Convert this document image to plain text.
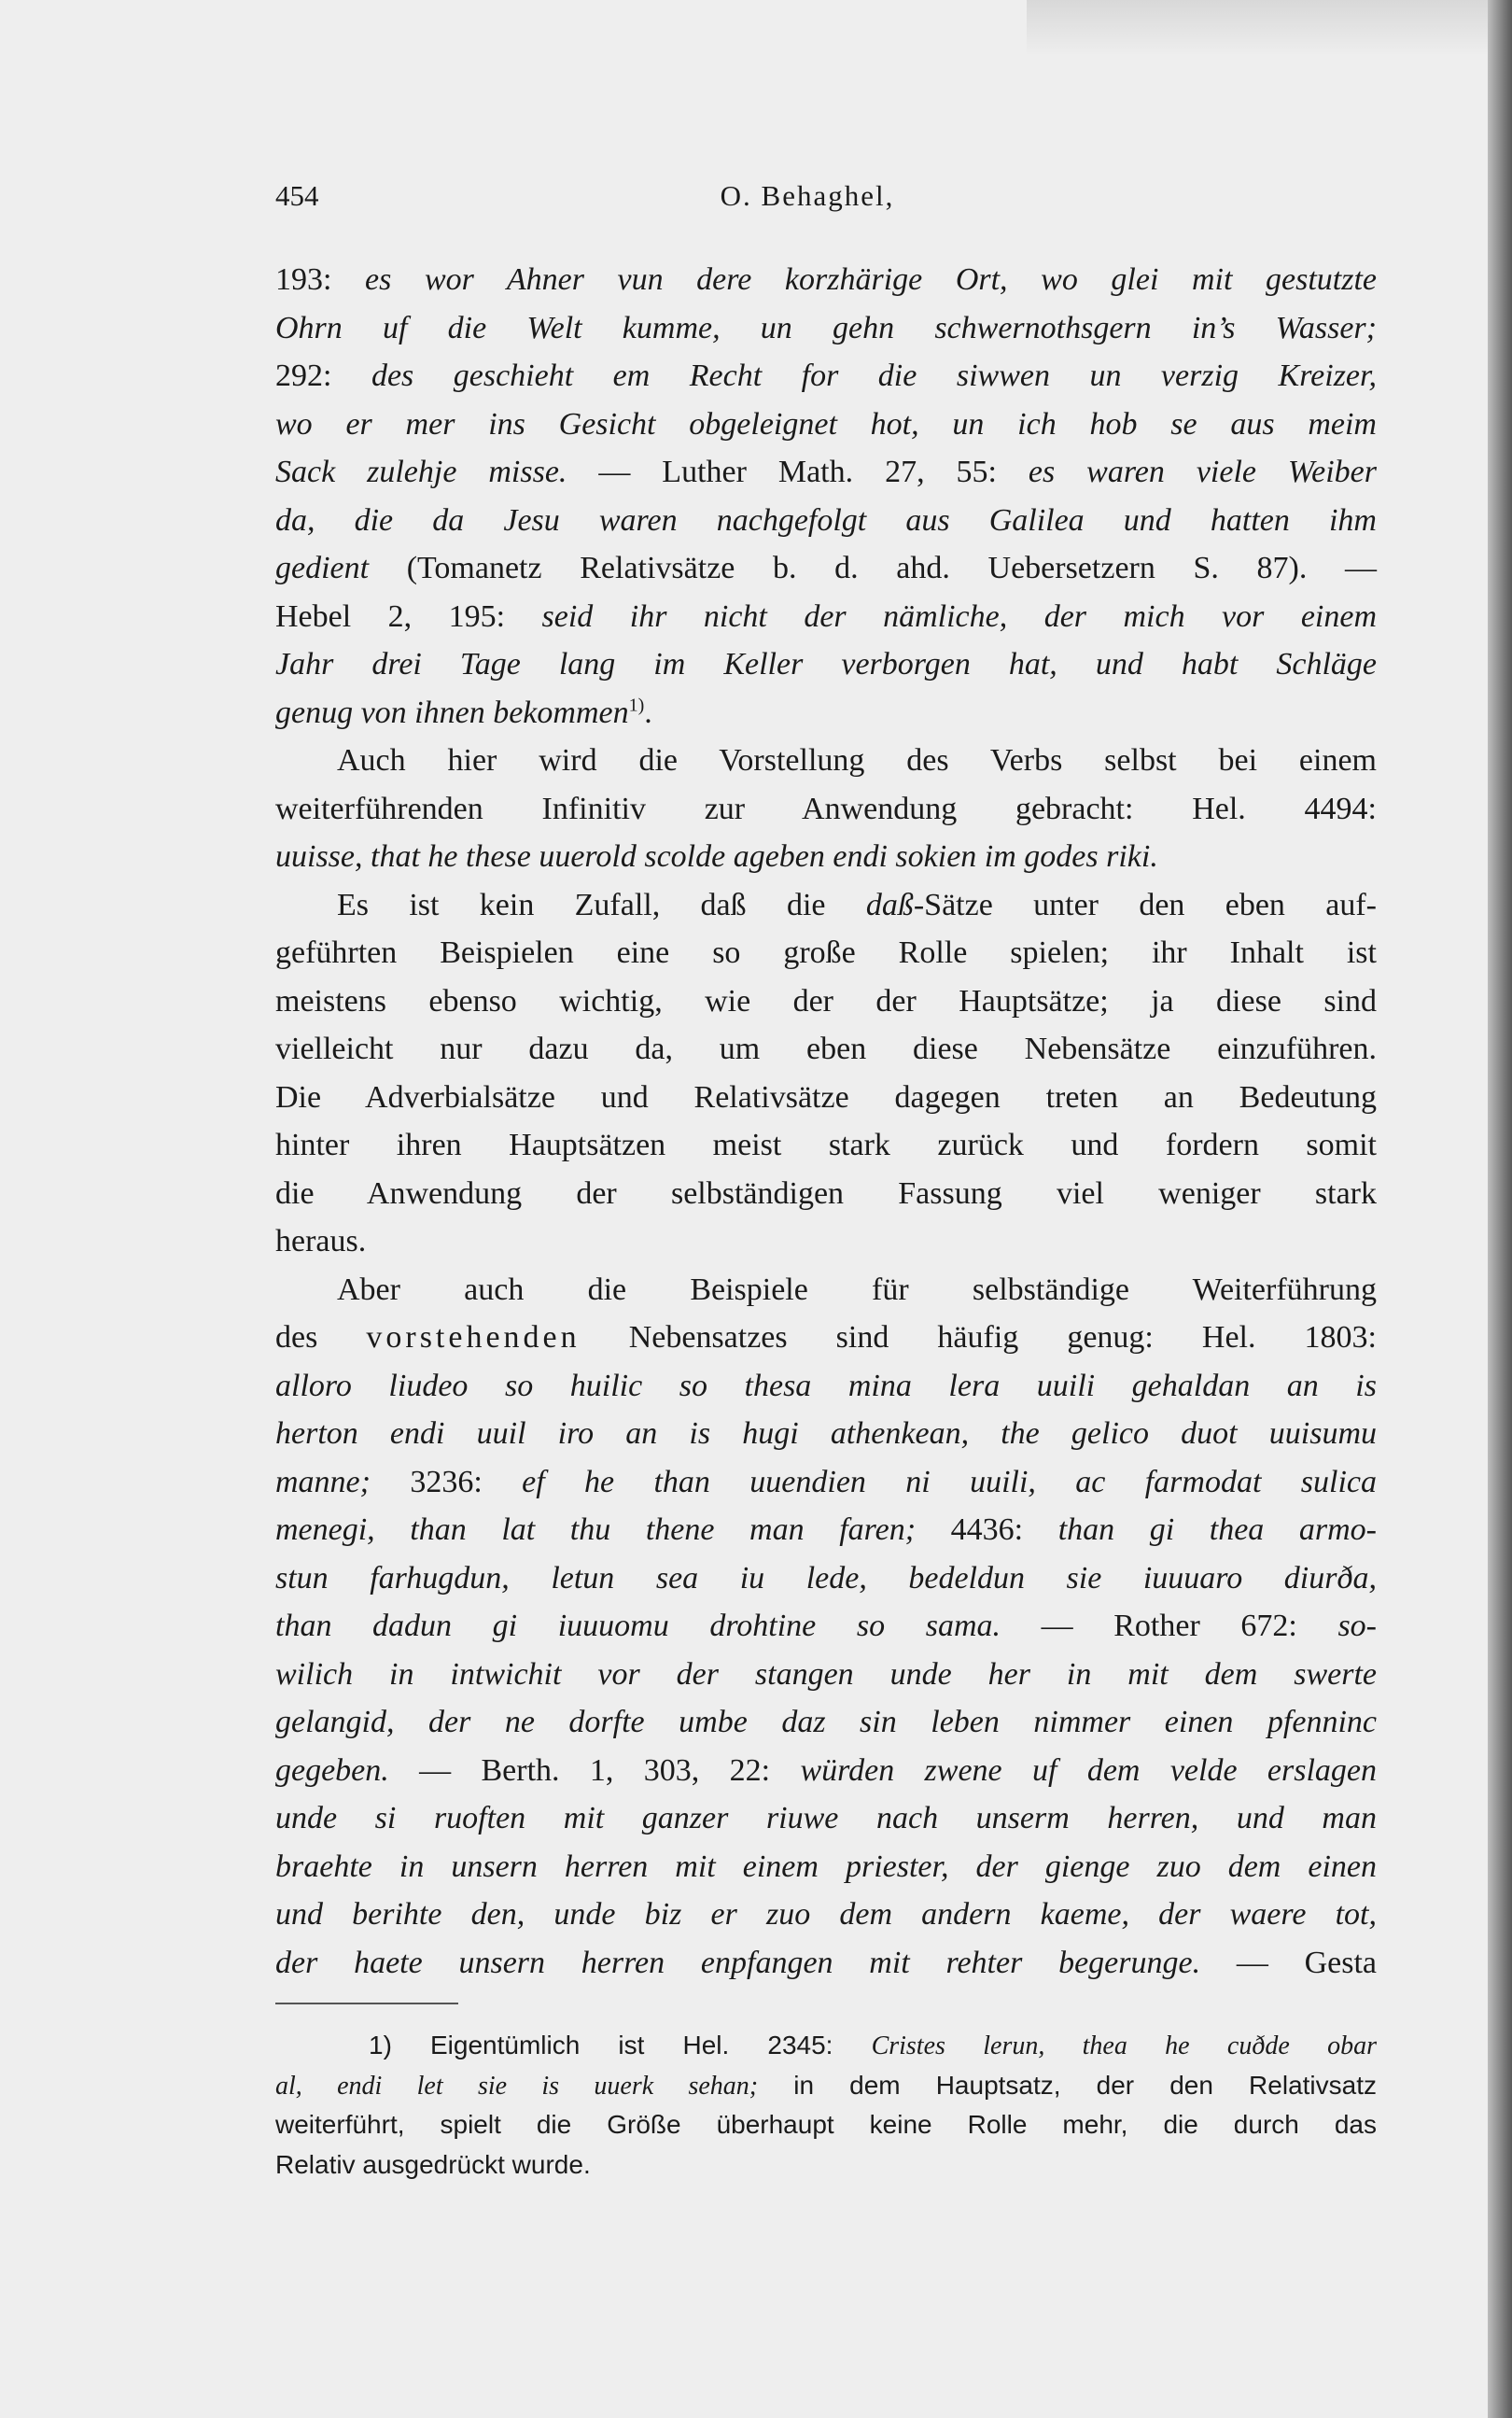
454	O. Behaghel,
193: es wor Ahner vun dere korzhärige Ort, wo glei mit gestutzte
Ohrn uf die Welt kumme, un gehn schwernothsgern in’s Wasser;
292: des geschieht em Recht for die siwwen un verzig Kreizer,
wo er mer ins Gesicht obgeleignet hot, un ich hob se aus meim
Sack zulehje misse. — Luther Math. 27, 55: es waren viele Weiber
da, die da Jesu waren nachgefolgt aus Galilea und hatten ihm
gedient (Tomanetz Relativsätze b. d. ahd. Uebersetzern S. 87). —
Hebel 2, 195: seid ihr nicht der nämliche, der mich vor einem
Jahr drei Tage lang im Keller verborgen hat, und habt Schläge
genug von ihnen bekommen$^{1)}$.
Auch hier wird die Vorstellung des Verbs selbst bei einem
weiterführenden Infinitiv zur Anwendung gebracht: Hel. 4494:
uuisse, that he these uuerold scolde ageben endi sokien im godes riki.
Es ist kein Zufall, daß die daß-Sätze unter den eben auf-
geführten Beispielen eine so große Rolle spielen; ihr Inhalt ist
meistens ebenso wichtig, wie der der Hauptsätze; ja diese sind
vielleicht nur dazu da, um eben diese Nebensätze einzuführen.
Die Adverbialsätze und Relativsätze dagegen treten an Bedeutung
hinter ihren Hauptsätzen meist stark zurück und fordern somit
die Anwendung der selbständigen Fassung viel weniger stark
heraus.
Aber auch die Beispiele für selbständige Weiterführung
des vorstehenden Nebensatzes sind häufig genug: Hel. 1803:
alloro liudeo so huilic so thesa mina lera uuili gehaldan an is
herton endi uuil iro an is hugi athenkean, the gelico duot uuisumu
manne; 3236: ef he than uuendien ni uuili, ac farmodat sulica
menegi, than lat thu thene man faren; 4436: than gi thea armo-
stun farhugdun, letun sea iu lede, bedeldun sie iuuuaro diurða,
than dadun gi iuuuomu drohtine so sama. — Rother 672: so-
wilich in intwichit vor der stangen unde her in mit dem swerte
gelangid, der ne dorfte umbe daz sin leben nimmer einen pfenninc
gegeben. — Berth. 1, 303, 22: würden zwene uf dem velde erslagen
unde si ruoften mit ganzer riuwe nach unserm herren, und man
braehte in unsern herren mit einem priester, der gienge zuo dem einen
und berihte den, unde biz er zuo dem andern kaeme, der waere tot,
der haete unsern herren enpfangen mit rehter begerunge. — Gesta
1) Eigentümlich ist Hel. 2345: Cristes lerun, thea he cuðde obar
al, endi let sie is uuerk sehan; in dem Hauptsatz, der den Relativsatz
weiterführt, spielt die Größe überhaupt keine Rolle mehr, die durch das
Relativ ausgedrückt wurde.
